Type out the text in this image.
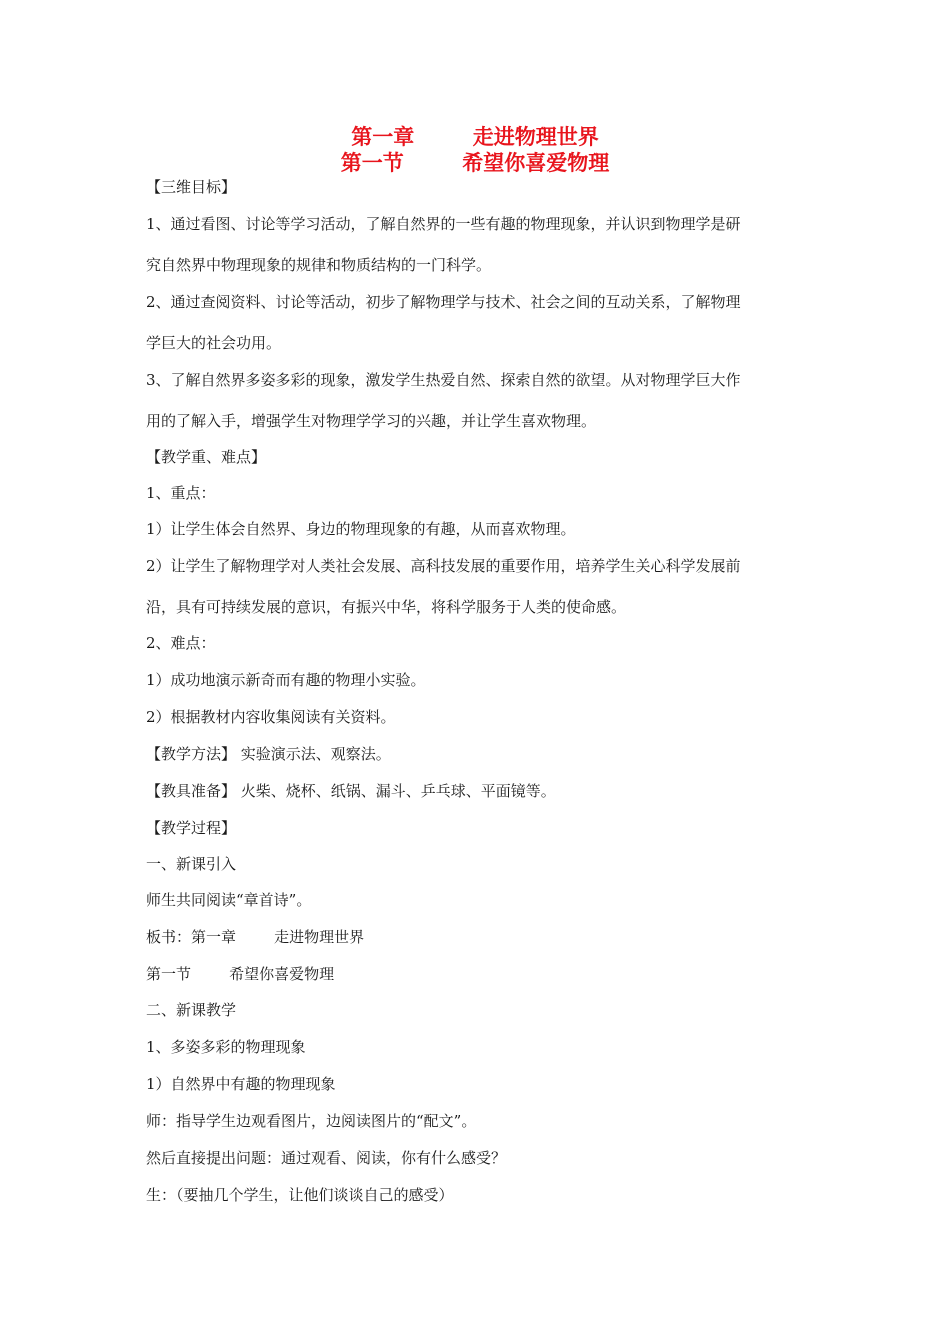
第一章        走进物理世界
第一节        希望你喜爱物理
【三维目标】
1、通过看图、讨论等学习活动，了解自然界的一些有趣的物理现象，并认识到物理学是研
究自然界中物理现象的规律和物质结构的一门科学。
2、通过查阅资料、讨论等活动，初步了解物理学与技术、社会之间的互动关系，了解物理
学巨大的社会功用。
3、了解自然界多姿多彩的现象，激发学生热爱自然、探索自然的欲望。从对物理学巨大作
用的了解入手，增强学生对物理学学习的兴趣，并让学生喜欢物理。
【教学重、难点】
1、重点：
1）让学生体会自然界、身边的物理现象的有趣，从而喜欢物理。
2）让学生了解物理学对人类社会发展、高科技发展的重要作用，培养学生关心科学发展前
沿，具有可持续发展的意识，有振兴中华，将科学服务于人类的使命感。
2、难点：
1）成功地演示新奇而有趣的物理小实验。
2）根据教材内容收集阅读有关资料。
【教学方法】 实验演示法、观察法。
【教具准备】 火柴、烧杯、纸锅、漏斗、乒乓球、平面镜等。
【教学过程】
一、新课引入
师生共同阅读“章首诗”。
板书：第一章        走进物理世界
第一节        希望你喜爱物理
二、新课教学
1、多姿多彩的物理现象
1）自然界中有趣的物理现象
师：指导学生边观看图片，边阅读图片的“配文”。
然后直接提出问题：通过观看、阅读，你有什么感受？
生：（要抽几个学生，让他们谈谈自己的感受）
